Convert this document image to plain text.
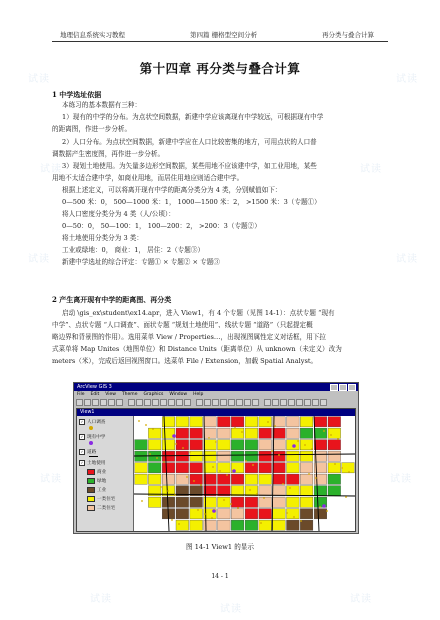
试读	试读
试读	试读
试读	试读
试读
试读
试读
试读
试读
地理信息系统实习教程	第四篇 栅格型空间分析	再分类与叠合计算
第十四章 再分类与叠合计算
1 中学选址依据
本练习的基本数据有三种：
1）现有的中学的分布。为点状空间数据，新建中学应该离现有中学较远，可根据现有中学
的距离图，作进一步分析。
2）人口分布。为点状空间数据，新建中学应在人口比较密集的地方，可用点状的人口普
调数据产生密度图，再作进一步分析。
3）现划土地使用。为矢量多边形空间数据，某些用地不应该建中学，如工业用地，某些
用地不太适合建中学，如商业用地，而居住用地应则适合建中学。
根据上述定义，可以将离开现有中学的距离分类分为 4 类，分别赋值如下：
0—500 米：0， 500—1000 米：1， 1000—1500 米：2， >1500 米：3（专题①）
将人口密度分类分为 4 类（人/公顷）：
0—50：0， 50—100：1， 100—200：2， >200：3（专题②）
将土地使用分类分为 3 类：
工业或绿地：0， 商业：1， 居住：2（专题③）
新建中学选址的综合评定：专题① × 专题② × 专题③
2 产生离开现有中学的距离图、再分类
启动 \gis_ex\student\ex14.apr，进入 View1，有 4 个专题（见图 14-1）：点状专题 “现有
中学”、点状专题 “人口调查”、面状专题 “规划土地使用”、线状专题 “道路”（只起提定概
略边界和背景图的作用）。选用菜单 View / Properties…，出现视图属性定义对话框，用下拉
式菜单将 Map Unites（地图单位）和 Distance Units（距离单位）从 unknown（未定义）改为
meters（米），完成后返回视图窗口。选菜单 File / Extension，加载 Spatial Analyst。
ArcView GIS 3
File Edit View Theme Graphics Window Help
View1
✓ 人口调查
✓ 现有中学
✓ 道路
✓ 土地使用
商业
绿地
工业
一类住宅
二类住宅
图 14-1 View1 的显示
14 - 1
